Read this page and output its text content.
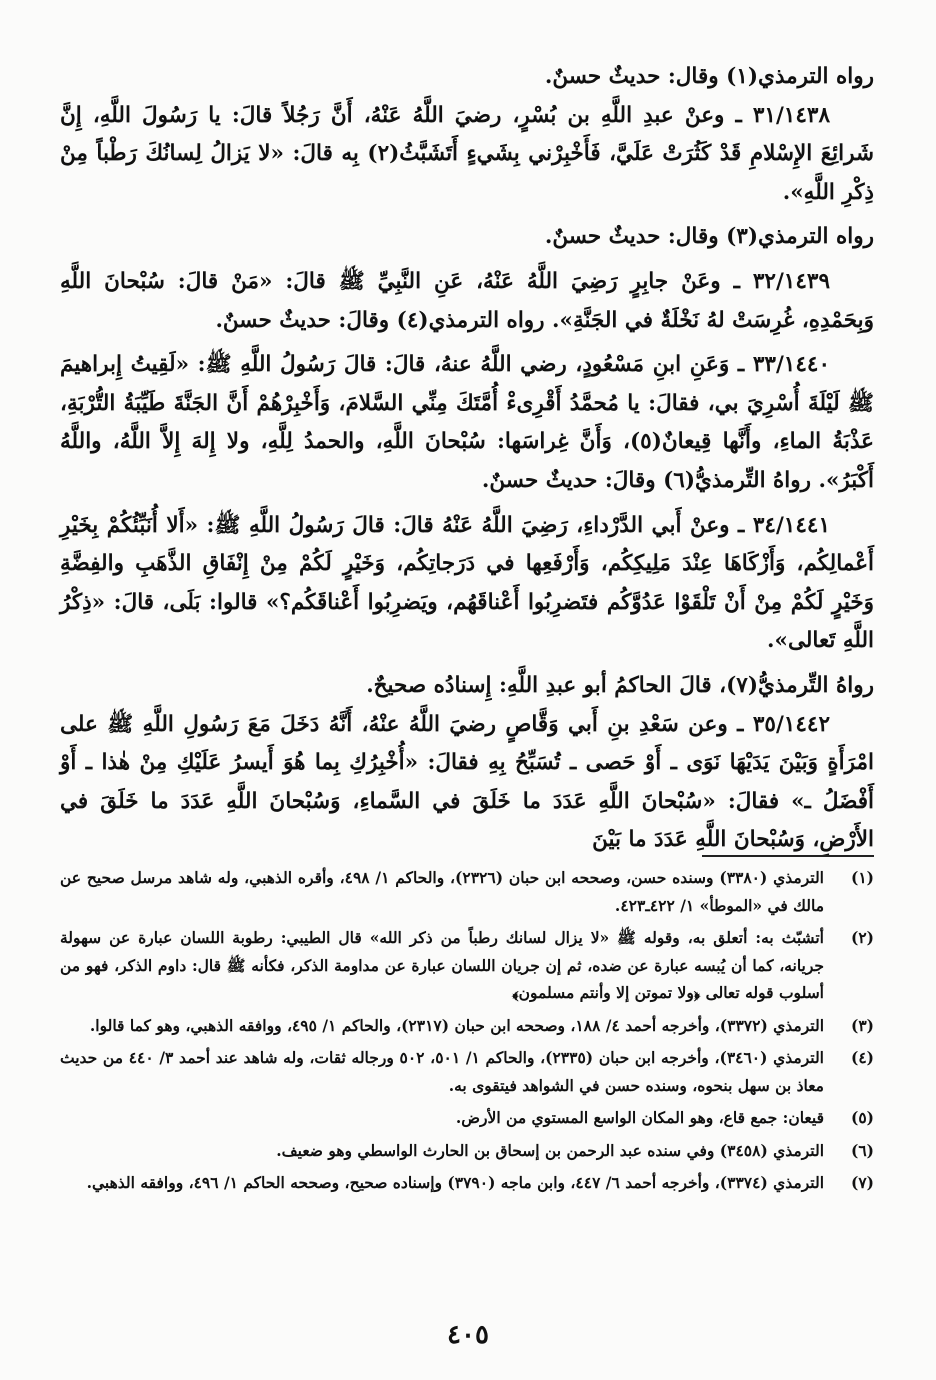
رواه الترمذي(١) وقال: حديثٌ حسنٌ.

٣١/١٤٣٨ ـ وعنْ عبدِ اللَّهِ بن بُسْرٍ، رضيَ اللَّهُ عَنْهُ، أَنَّ رَجُلاً قالَ: يا رَسُولَ اللَّهِ، إِنَّ شَرائِعَ الإِسْلامِ قَدْ كَثُرَتْ عَلَيَّ، فَأَخْبِرْني بِشَيءٍ أَتَشَبَّثُ(٢) بِه قالَ: «لا يَزالُ لِسانُكَ رَطْباً مِنْ ذِكْرِ اللَّهِ».

رواه الترمذي(٣) وقال: حديثٌ حسنٌ.

٣٢/١٤٣٩ ـ وعَنْ جابِرٍ رَضِيَ اللَّهُ عَنْهُ، عَنِ النَّبِيِّ ﷺ قالَ: «مَنْ قالَ: سُبْحانَ اللَّهِ وَبِحَمْدِهِ، غُرِسَتْ لهُ نَخْلَةٌ في الجَنَّةِ». رواه الترمذي(٤) وقالَ: حديثٌ حسنٌ.

٣٣/١٤٤٠ ـ وَعَنِ ابنِ مَسْعُودٍ، رضي اللَّهُ عنهُ، قالَ: قالَ رَسُولُ اللَّهِ ﷺ: «لَقِيتُ إِبراهيمَ ﷺ لَيْلَةَ أُسْرِيَ بي، فقالَ: يا مُحمَّدُ أَقْرِىءْ أُمَّتَكَ مِنِّي السَّلامَ، وَأَخْبِرْهُمْ أَنَّ الجَنَّةَ طَيِّبَةُ التُّرْبَةِ، عَذْبَةُ الماءِ، وأَنَّها قِيعانٌ(٥)، وَأَنَّ غِراسَها: سُبْحانَ اللَّهِ، والحمدُ لِلَّهِ، ولا إِلهَ إِلاَّ اللَّهُ، واللَّهُ أَكْبَرُ». رواهُ التِّرمذيُّ(٦) وقالَ: حديثٌ حسنٌ.

٣٤/١٤٤١ ـ وعنْ أَبي الدَّرْداءِ، رَضِيَ اللَّهُ عَنْهُ قالَ: قالَ رَسُولُ اللَّهِ ﷺ: «أَلا أُنَبِّئُكُمْ بِخَيْرِ أَعْمالِكُم، وَأَزْكَاهَا عِنْدَ مَلِيكِكُم، وَأَرْفَعِها في دَرَجاتِكُم، وَخَيْرٍ لَكُمْ مِنْ إِنْفَاقِ الذَّهَبِ والفِضَّةِ وَخَيْرٍ لَكُمْ مِنْ أَنْ تَلْقَوْا عَدُوَّكُم فتَضرِبُوا أَعْناقَهُم، ويَضرِبُوا أَعْناقَكُم؟» قالوا: بَلَى، قالَ: «ذِكْرُ اللَّهِ تَعالى».

رواهُ التِّرمذيُّ(٧)، قالَ الحاكمُ أبو عبدِ اللَّهِ: إِسنادُه صحيحٌ.

٣٥/١٤٤٢ ـ وعن سَعْدِ بنِ أَبي وَقَّاصٍ رضيَ اللَّهُ عنْهُ، أَنَّهُ دَخَلَ مَعَ رَسُولِ اللَّهِ ﷺ على امْرَأَةٍ وَبَيْنَ يَدَيْهَا نَوَى ـ أَوْ حَصى ـ تُسَبِّحُ بِهِ فقالَ: «أُخْبِرُكِ بِما هُوَ أَيسرُ عَلَيْكِ مِنْ هٰذا ـ أَوْ أَفْضَلُ ـ» فقالَ: «سُبْحانَ اللَّهِ عَدَدَ ما خَلَقَ في السَّماءِ، وَسُبْحانَ اللَّهِ عَدَدَ ما خَلَقَ في الأَرْضِ، وَسُبْحانَ اللَّهِ عَدَدَ ما بَيْنَ

(١)
الترمذي (٣٣٨٠) وسنده حسن، وصححه ابن حبان (٢٣٢٦)، والحاكم ١/ ٤٩٨، وأقره الذهبي، وله شاهد مرسل صحيح عن مالك في «الموطأ» ١/ ٤٢٢ـ٤٢٣.
(٢)
أتشبّث به: أتعلق به، وقوله ﷺ «لا يزال لسانك رطباً من ذكر الله» قال الطيبي: رطوبة اللسان عبارة عن سهولة جريانه، كما أن يُبسه عبارة عن ضده، ثم إن جريان اللسان عبارة عن مداومة الذكر، فكأنه ﷺ قال: داوم الذكر، فهو من أسلوب قوله تعالى ﴿ولا تموتن إلا وأنتم مسلمون﴾
(٣)
الترمذي (٣٣٧٢)، وأخرجه أحمد ٤/ ١٨٨، وصححه ابن حبان (٢٣١٧)، والحاكم ١/ ٤٩٥، ووافقه الذهبي، وهو كما قالوا.
(٤)
الترمذي (٣٤٦٠)، وأخرجه ابن حبان (٢٣٣٥)، والحاكم ١/ ٥٠١، ٥٠٢ ورجاله ثقات، وله شاهد عند أحمد ٣/ ٤٤٠ من حديث معاذ بن سهل بنحوه، وسنده حسن في الشواهد فيتقوى به.
(٥)
قيعان: جمع قاع، وهو المكان الواسع المستوي من الأرض.
(٦)
الترمذي (٣٤٥٨) وفي سنده عبد الرحمن بن إسحاق بن الحارث الواسطي وهو ضعيف.
(٧)
الترمذي (٣٣٧٤)، وأخرجه أحمد ٦/ ٤٤٧، وابن ماجه (٣٧٩٠) وإسناده صحيح، وصححه الحاكم ١/ ٤٩٦، ووافقه الذهبي.
٤٠٥
